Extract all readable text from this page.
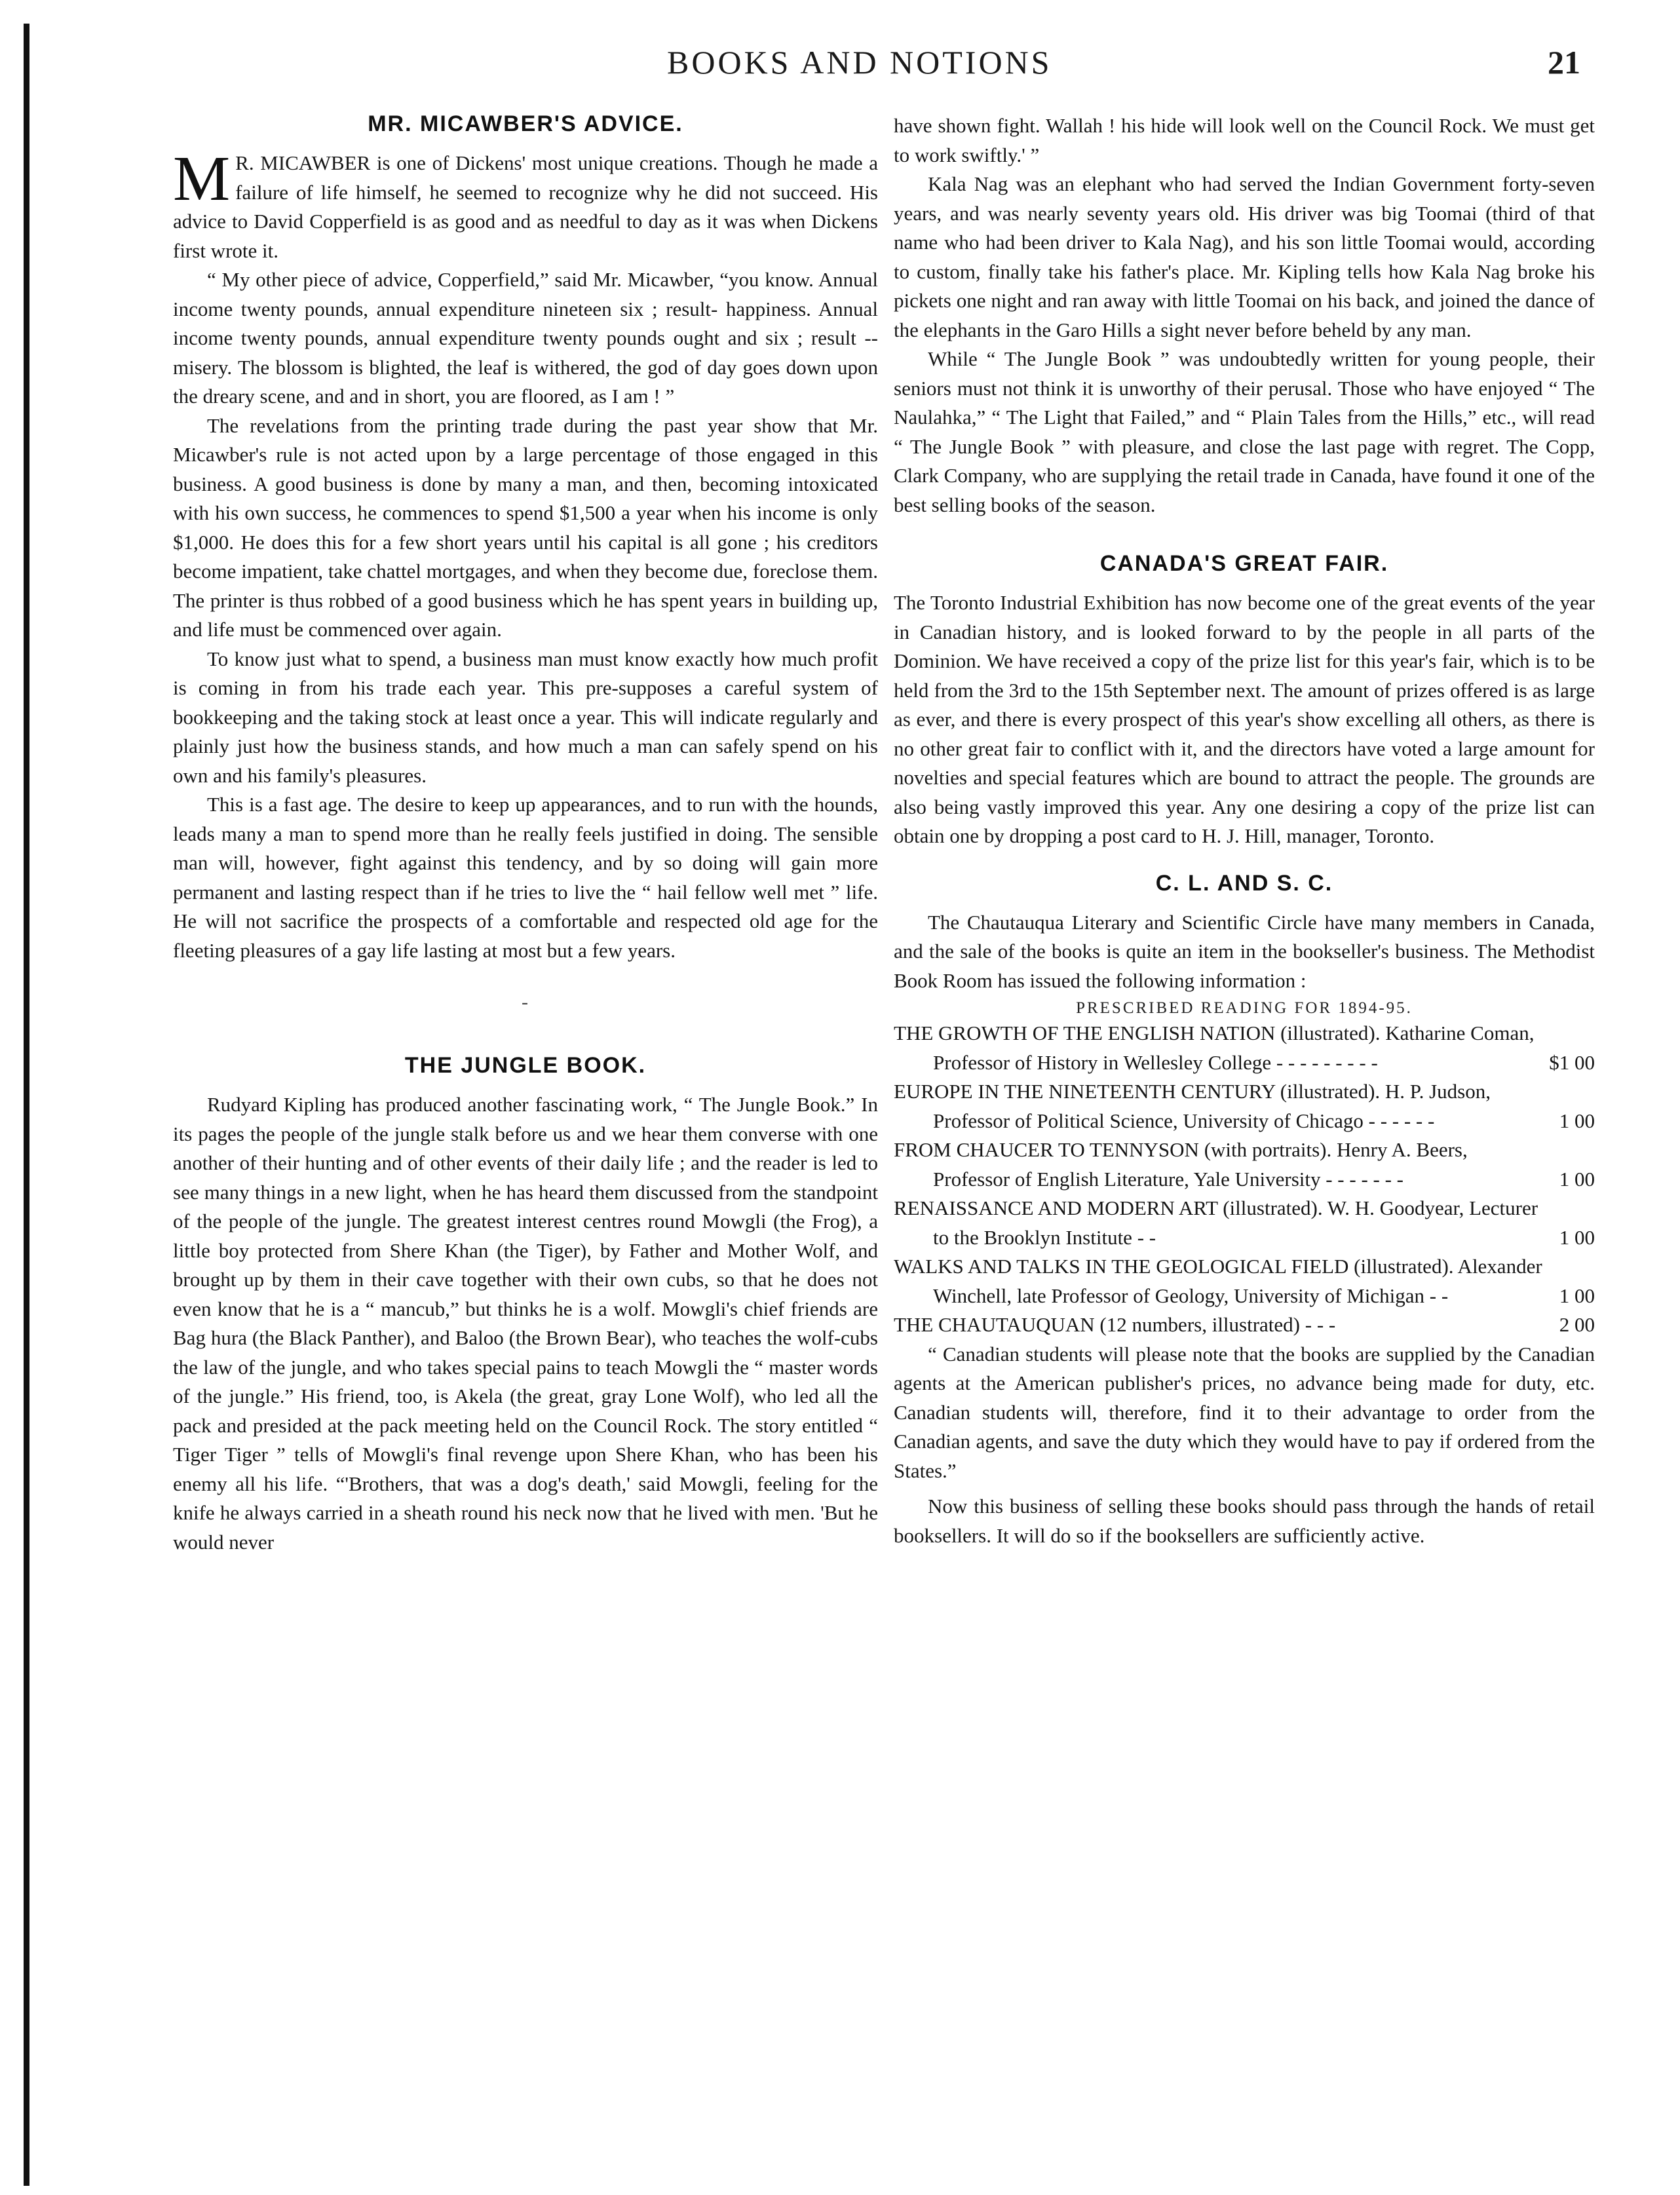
BOOKS AND NOTIONS	21
MR. MICAWBER'S ADVICE.

M R. MICAWBER is one of Dickens' most unique creations. Though he made a failure of life himself, he seemed to recognize why he did not succeed. His advice to David Copperfield is as good and as needful to day as it was when Dickens first wrote it.

“ My other piece of advice, Copperfield,” said Mr. Micawber, “you know. Annual income twenty pounds, annual expenditure nineteen six ; result- happiness. Annual income twenty pounds, annual expenditure twenty pounds ought and six ; result --misery. The blossom is blighted, the leaf is withered, the god of day goes down upon the dreary scene, and and in short, you are floored, as I am ! ”

The revelations from the printing trade during the past year show that Mr. Micawber's rule is not acted upon by a large percentage of those engaged in this business. A good business is done by many a man, and then, becoming intoxicated with his own success, he commences to spend $1,500 a year when his income is only $1,000. He does this for a few short years until his capital is all gone ; his creditors become impatient, take chattel mortgages, and when they become due, foreclose them. The printer is thus robbed of a good business which he has spent years in building up, and life must be commenced over again.

To know just what to spend, a business man must know exactly how much profit is coming in from his trade each year. This pre-supposes a careful system of bookkeeping and the taking stock at least once a year. This will indicate regularly and plainly just how the business stands, and how much a man can safely spend on his own and his family's pleasures.

This is a fast age. The desire to keep up appearances, and to run with the hounds, leads many a man to spend more than he really feels justified in doing. The sensible man will, however, fight against this tendency, and by so doing will gain more permanent and lasting respect than if he tries to live the “ hail fellow well met ” life. He will not sacrifice the prospects of a comfortable and respected old age for the fleeting pleasures of a gay life lasting at most but a few years.

-
THE JUNGLE BOOK.

Rudyard Kipling has produced another fascinating work, “ The Jungle Book.” In its pages the people of the jungle stalk before us and we hear them converse with one another of their hunting and of other events of their daily life ; and the reader is led to see many things in a new light, when he has heard them discussed from the standpoint of the people of the jungle. The greatest interest centres round Mowgli (the Frog), a little boy protected from Shere Khan (the Tiger), by Father and Mother Wolf, and brought up by them in their cave together with their own cubs, so that he does not even know that he is a “ mancub,” but thinks he is a wolf. Mowgli's chief friends are Bag hura (the Black Panther), and Baloo (the Brown Bear), who teaches the wolf-cubs the law of the jungle, and who takes special pains to teach Mowgli the “ master words of the jungle.” His friend, too, is Akela (the great, gray Lone Wolf), who led all the pack and presided at the pack meeting held on the Council Rock. The story entitled “ Tiger Tiger ” tells of Mowgli's final revenge upon Shere Khan, who has been his enemy all his life. “'Brothers, that was a dog's death,' said Mowgli, feeling for the knife he always carried in a sheath round his neck now that he lived with men. 'But he would never

have shown fight. Wallah ! his hide will look well on the Council Rock. We must get to work swiftly.' ”

Kala Nag was an elephant who had served the Indian Government forty-seven years, and was nearly seventy years old. His driver was big Toomai (third of that name who had been driver to Kala Nag), and his son little Toomai would, according to custom, finally take his father's place. Mr. Kipling tells how Kala Nag broke his pickets one night and ran away with little Toomai on his back, and joined the dance of the elephants in the Garo Hills a sight never before beheld by any man.

While “ The Jungle Book ” was undoubtedly written for young people, their seniors must not think it is unworthy of their perusal. Those who have enjoyed “ The Naulahka,” “ The Light that Failed,” and “ Plain Tales from the Hills,” etc., will read “ The Jungle Book ” with pleasure, and close the last page with regret. The Copp, Clark Company, who are supplying the retail trade in Canada, have found it one of the best selling books of the season.

CANADA'S GREAT FAIR.

The Toronto Industrial Exhibition has now become one of the great events of the year in Canadian history, and is looked forward to by the people in all parts of the Dominion. We have received a copy of the prize list for this year's fair, which is to be held from the 3rd to the 15th September next. The amount of prizes offered is as large as ever, and there is every prospect of this year's show excelling all others, as there is no other great fair to conflict with it, and the directors have voted a large amount for novelties and special features which are bound to attract the people. The grounds are also being vastly improved this year. Any one desiring a copy of the prize list can obtain one by dropping a post card to H. J. Hill, manager, Toronto.

C. L. AND S. C.

The Chautauqua Literary and Scientific Circle have many members in Canada, and the sale of the books is quite an item in the bookseller's business. The Methodist Book Room has issued the following information :

PRESCRIBED READING FOR 1894-95.
THE GROWTH OF THE ENGLISH NATION (illustrated). Katharine Coman, Professor of History in Wellesley College - - - - - - - - -	$1 00
EUROPE IN THE NINETEENTH CENTURY (illustrated). H. P. Judson, Professor of Political Science, University of Chicago - - - - - -	1 00
FROM CHAUCER TO TENNYSON (with portraits). Henry A. Beers, Professor of English Literature, Yale University - - - - - - -	1 00
RENAISSANCE AND MODERN ART (illustrated). W. H. Goodyear, Lecturer to the Brooklyn Institute - -	1 00
WALKS AND TALKS IN THE GEOLOGICAL FIELD (illustrated). Alexander Winchell, late Professor of Geology, University of Michigan - -	1 00
THE CHAUTAUQUAN (12 numbers, illustrated) - - -	2 00

“ Canadian students will please note that the books are supplied by the Canadian agents at the American publisher's prices, no advance being made for duty, etc. Canadian students will, therefore, find it to their advantage to order from the Canadian agents, and save the duty which they would have to pay if ordered from the States.”

Now this business of selling these books should pass through the hands of retail booksellers. It will do so if the booksellers are sufficiently active.
